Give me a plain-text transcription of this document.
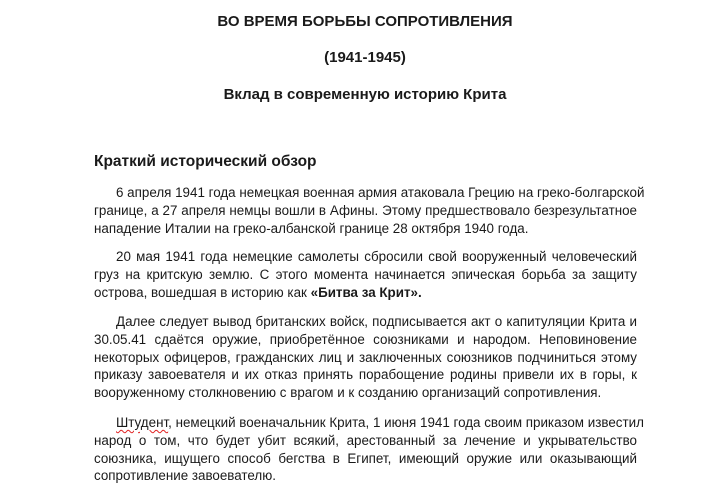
ВО ВРЕМЯ БОРЬБЫ СОПРОТИВЛЕНИЯ
(1941-1945)
Вклад в современную историю Крита
Краткий исторический обзор
6 апреля 1941 года немецкая военная армия атаковала Грецию на греко-болгарской
границе, а 27 апреля немцы вошли в Афины. Этому предшествовало безрезультатное
нападение Италии на греко-албанской границе 28 октября 1940 года.
20 мая 1941 года немецкие самолеты сбросили свой вооруженный человеческий
груз на критскую землю. С этого момента начинается эпическая борьба за защиту
острова, вошедшая в историю как «Битва за Крит».
Далее следует вывод британских войск, подписывается акт о капитуляции Крита и
30.05.41 сдаётся оружие, приобретённое союзниками и народом. Неповиновение
некоторых офицеров, гражданских лиц и заключенных союзников подчиниться этому
приказу завоевателя и их отказ принять порабощение родины привели их в горы, к
вооруженному столкновению с врагом и к созданию организаций сопротивления.
Штудент, немецкий военачальник Крита, 1 июня 1941 года своим приказом известил
народ о том, что будет убит всякий, арестованный за лечение и укрывательство
союзника, ищущего способ бегства в Египет, имеющий оружие или оказывающий
сопротивление завоевателю.
